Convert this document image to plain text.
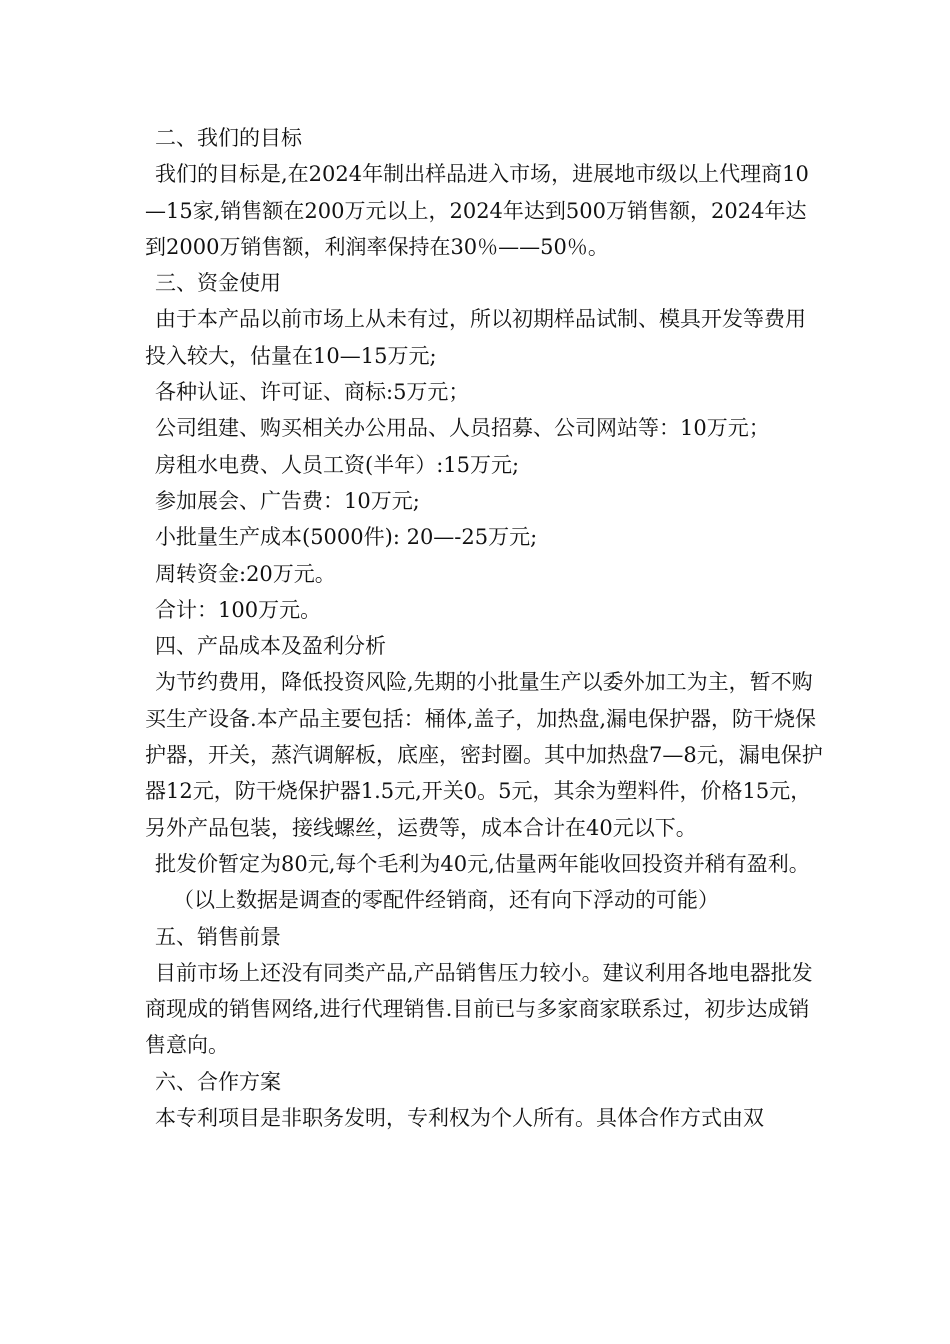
二、我们的目标

我们的目标是,在2024年制出样品进入市场，进展地市级以上代理商10—15家,销售额在200万元以上，2024年达到500万销售额，2024年达到2000万销售额，利润率保持在30％——50％。

三、资金使用

由于本产品以前市场上从未有过，所以初期样品试制、模具开发等费用投入较大，估量在10—15万元;

各种认证、许可证、商标:5万元；

公司组建、购买相关办公用品、人员招募、公司网站等：10万元；

房租水电费、人员工资(半年）:15万元;

参加展会、广告费：10万元;

小批量生产成本(5000件): 20—-25万元;

周转资金:20万元。

合计：100万元。

四、产品成本及盈利分析

为节约费用，降低投资风险,先期的小批量生产以委外加工为主，暂不购买生产设备.本产品主要包括：桶体,盖子，加热盘,漏电保护器，防干烧保护器，开关，蒸汽调解板，底座，密封圈。其中加热盘7—8元，漏电保护器12元，防干烧保护器1.5元,开关0。5元，其余为塑料件，价格15元，另外产品包装，接线螺丝，运费等，成本合计在40元以下。

批发价暂定为80元,每个毛利为40元,估量两年能收回投资并稍有盈利。

（以上数据是调查的零配件经销商，还有向下浮动的可能）

五、销售前景

目前市场上还没有同类产品,产品销售压力较小。建议利用各地电器批发商现成的销售网络,进行代理销售.目前已与多家商家联系过，初步达成销售意向。

六、合作方案

本专利项目是非职务发明，专利权为个人所有。具体合作方式由双
